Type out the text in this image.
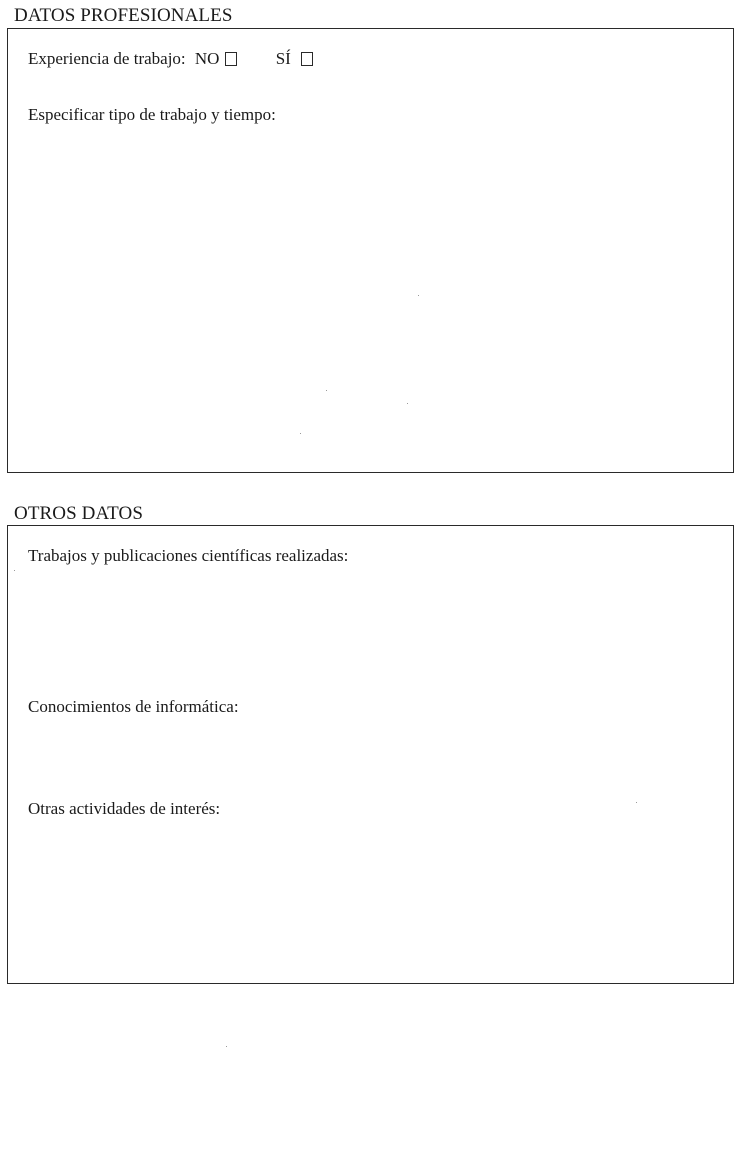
DATOS PROFESIONALES

Experiencia de trabajo: NO
	SÍ

Especificar tipo de trabajo y tiempo:

OTROS DATOS

Trabajos y publicaciones científicas realizadas:

Conocimientos de informática:

Otras actividades de interés:
